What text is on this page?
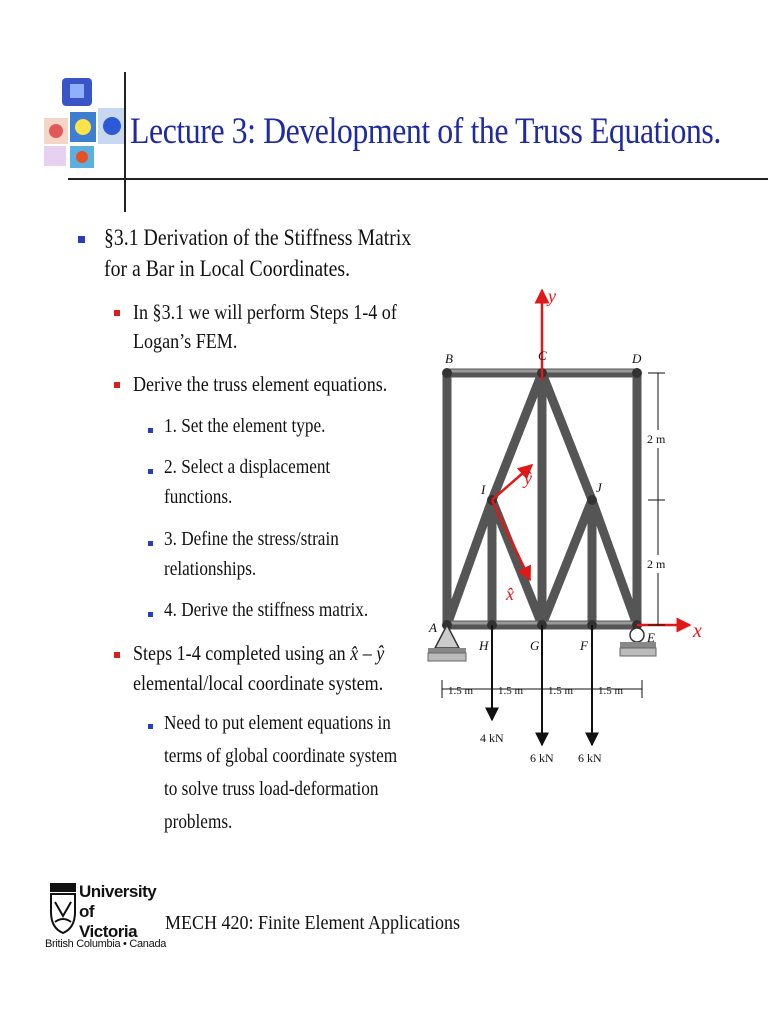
Lecture 3: Development of the Truss Equations.
§3.1 Derivation of the Stiffness Matrix
for a Bar in Local Coordinates.
In §3.1 we will perform Steps 1-4 of
Logan’s FEM.
Derive the truss element equations.
1. Set the element type.
2. Select a displacement
functions.
3. Define the stress/strain
relationships.
4. Derive the stiffness matrix.
Steps 1-4 completed using an x̂ – ŷ
elemental/local coordinate system.
Need to put element equations in
terms of global coordinate system
to solve truss load-deformation
problems.
B	C	D
I	J
A
H	G	F
E
y
x
ŷ
x̂
2 m
2 m
1.5 m 1.5 m 1.5 m 1.5 m
4 kN
6 kN 6 kN
University
of Victoria
British Columbia • Canada
MECH 420: Finite Element Applications
